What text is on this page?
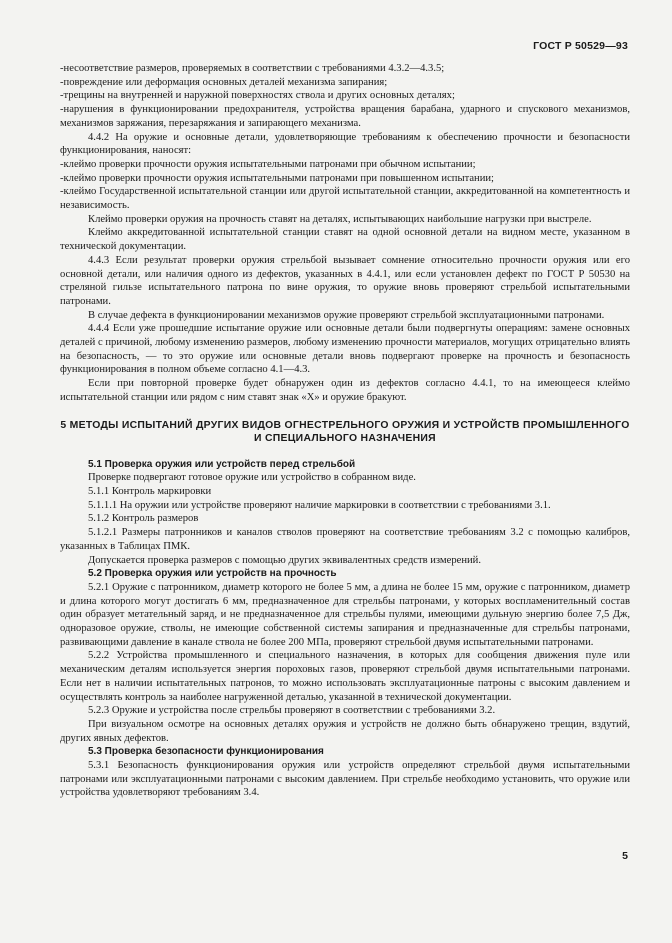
ГОСТ Р 50529—93

-несоответствие размеров, проверяемых в соответствии с требованиями 4.3.2—4.3.5;

-повреждение или деформация основных деталей механизма запирания;

-трещины на внутренней и наружной поверхностях ствола и других основных деталях;

-нарушения в функционировании предохранителя, устройства вращения барабана, ударного и спускового механизмов, механизмов заряжания, перезаряжания и запирающего механизма.

4.4.2 На оружие и основные детали, удовлетворяющие требованиям к обеспечению прочности и безопасности функционирования, наносят:

-клеймо проверки прочности оружия испытательными патронами при обычном испытании;

-клеймо проверки прочности оружия испытательными патронами при повышенном испытании;

-клеймо Государственной испытательной станции или другой испытательной станции, аккредитованной на компетентность и независимость.

Клеймо проверки оружия на прочность ставят на деталях, испытывающих наибольшие нагрузки при выстреле.

Клеймо аккредитованной испытательной станции ставят на одной основной детали на видном месте, указанном в технической документации.

4.4.3 Если результат проверки оружия стрельбой вызывает сомнение относительно прочности оружия или его основной детали, или наличия одного из дефектов, указанных в 4.4.1, или если установлен дефект по ГОСТ Р 50530 на стреляной гильзе испытательного патрона по вине оружия, то оружие вновь проверяют стрельбой испытательными патронами.

В случае дефекта в функционировании механизмов оружие проверяют стрельбой эксплуатационными патронами.

4.4.4 Если уже прошедшие испытание оружие или основные детали были подвергнуты операциям: замене основных деталей с причиной, любому изменению размеров, любому изменению прочности материалов, могущих отрицательно влиять на безопасность, — то это оружие или основные детали вновь подвергают проверке на прочность и безопасность функционирования в полном объеме согласно 4.1—4.3.

Если при повторной проверке будет обнаружен один из дефектов согласно 4.4.1, то на имеющееся клеймо испытательной станции или рядом с ним ставят знак «X» и оружие бракуют.

5 МЕТОДЫ ИСПЫТАНИЙ ДРУГИХ ВИДОВ ОГНЕСТРЕЛЬНОГО ОРУЖИЯ И УСТРОЙСТВ ПРОМЫШЛЕННОГО И СПЕЦИАЛЬНОГО НАЗНАЧЕНИЯ

5.1 Проверка оружия или устройств перед стрельбой

Проверке подвергают готовое оружие или устройство в собранном виде.

5.1.1 Контроль маркировки

5.1.1.1 На оружии или устройстве проверяют наличие маркировки в соответствии с требованиями 3.1.

5.1.2 Контроль размеров

5.1.2.1 Размеры патронников и каналов стволов проверяют на соответствие требованиям 3.2 с помощью калибров, указанных в Таблицах ПМК.

Допускается проверка размеров с помощью других эквивалентных средств измерений.

5.2 Проверка оружия или устройств на прочность

5.2.1 Оружие с патронником, диаметр которого не более 5 мм, а длина не более 15 мм, оружие с патронником, диаметр и длина которого могут достигать 6 мм, предназначенное для стрельбы патронами, у которых воспламенительный состав один образует метательный заряд, и не предназначенное для стрельбы пулями, имеющими дульную энергию более 7,5 Дж, одноразовое оружие, стволы, не имеющие собственной системы запирания и предназначенные для стрельбы патронами, развивающими давление в канале ствола не более 200 МПа, проверяют стрельбой двумя испытательными патронами.

5.2.2 Устройства промышленного и специального назначения, в которых для сообщения движения пуле или механическим деталям используется энергия пороховых газов, проверяют стрельбой двумя испытательными патронами. Если нет в наличии испытательных патронов, то можно использовать эксплуатационные патроны с высоким давлением и осуществлять контроль за наиболее нагруженной деталью, указанной в технической документации.

5.2.3 Оружие и устройства после стрельбы проверяют в соответствии с требованиями 3.2.

При визуальном осмотре на основных деталях оружия и устройств не должно быть обнаружено трещин, вздутий, других явных дефектов.

5.3 Проверка безопасности функционирования

5.3.1 Безопасность функционирования оружия или устройств определяют стрельбой двумя испытательными патронами или эксплуатационными патронами с высоким давлением. При стрельбе необходимо установить, что оружие или устройства удовлетворяют требованиям 3.4.

5
